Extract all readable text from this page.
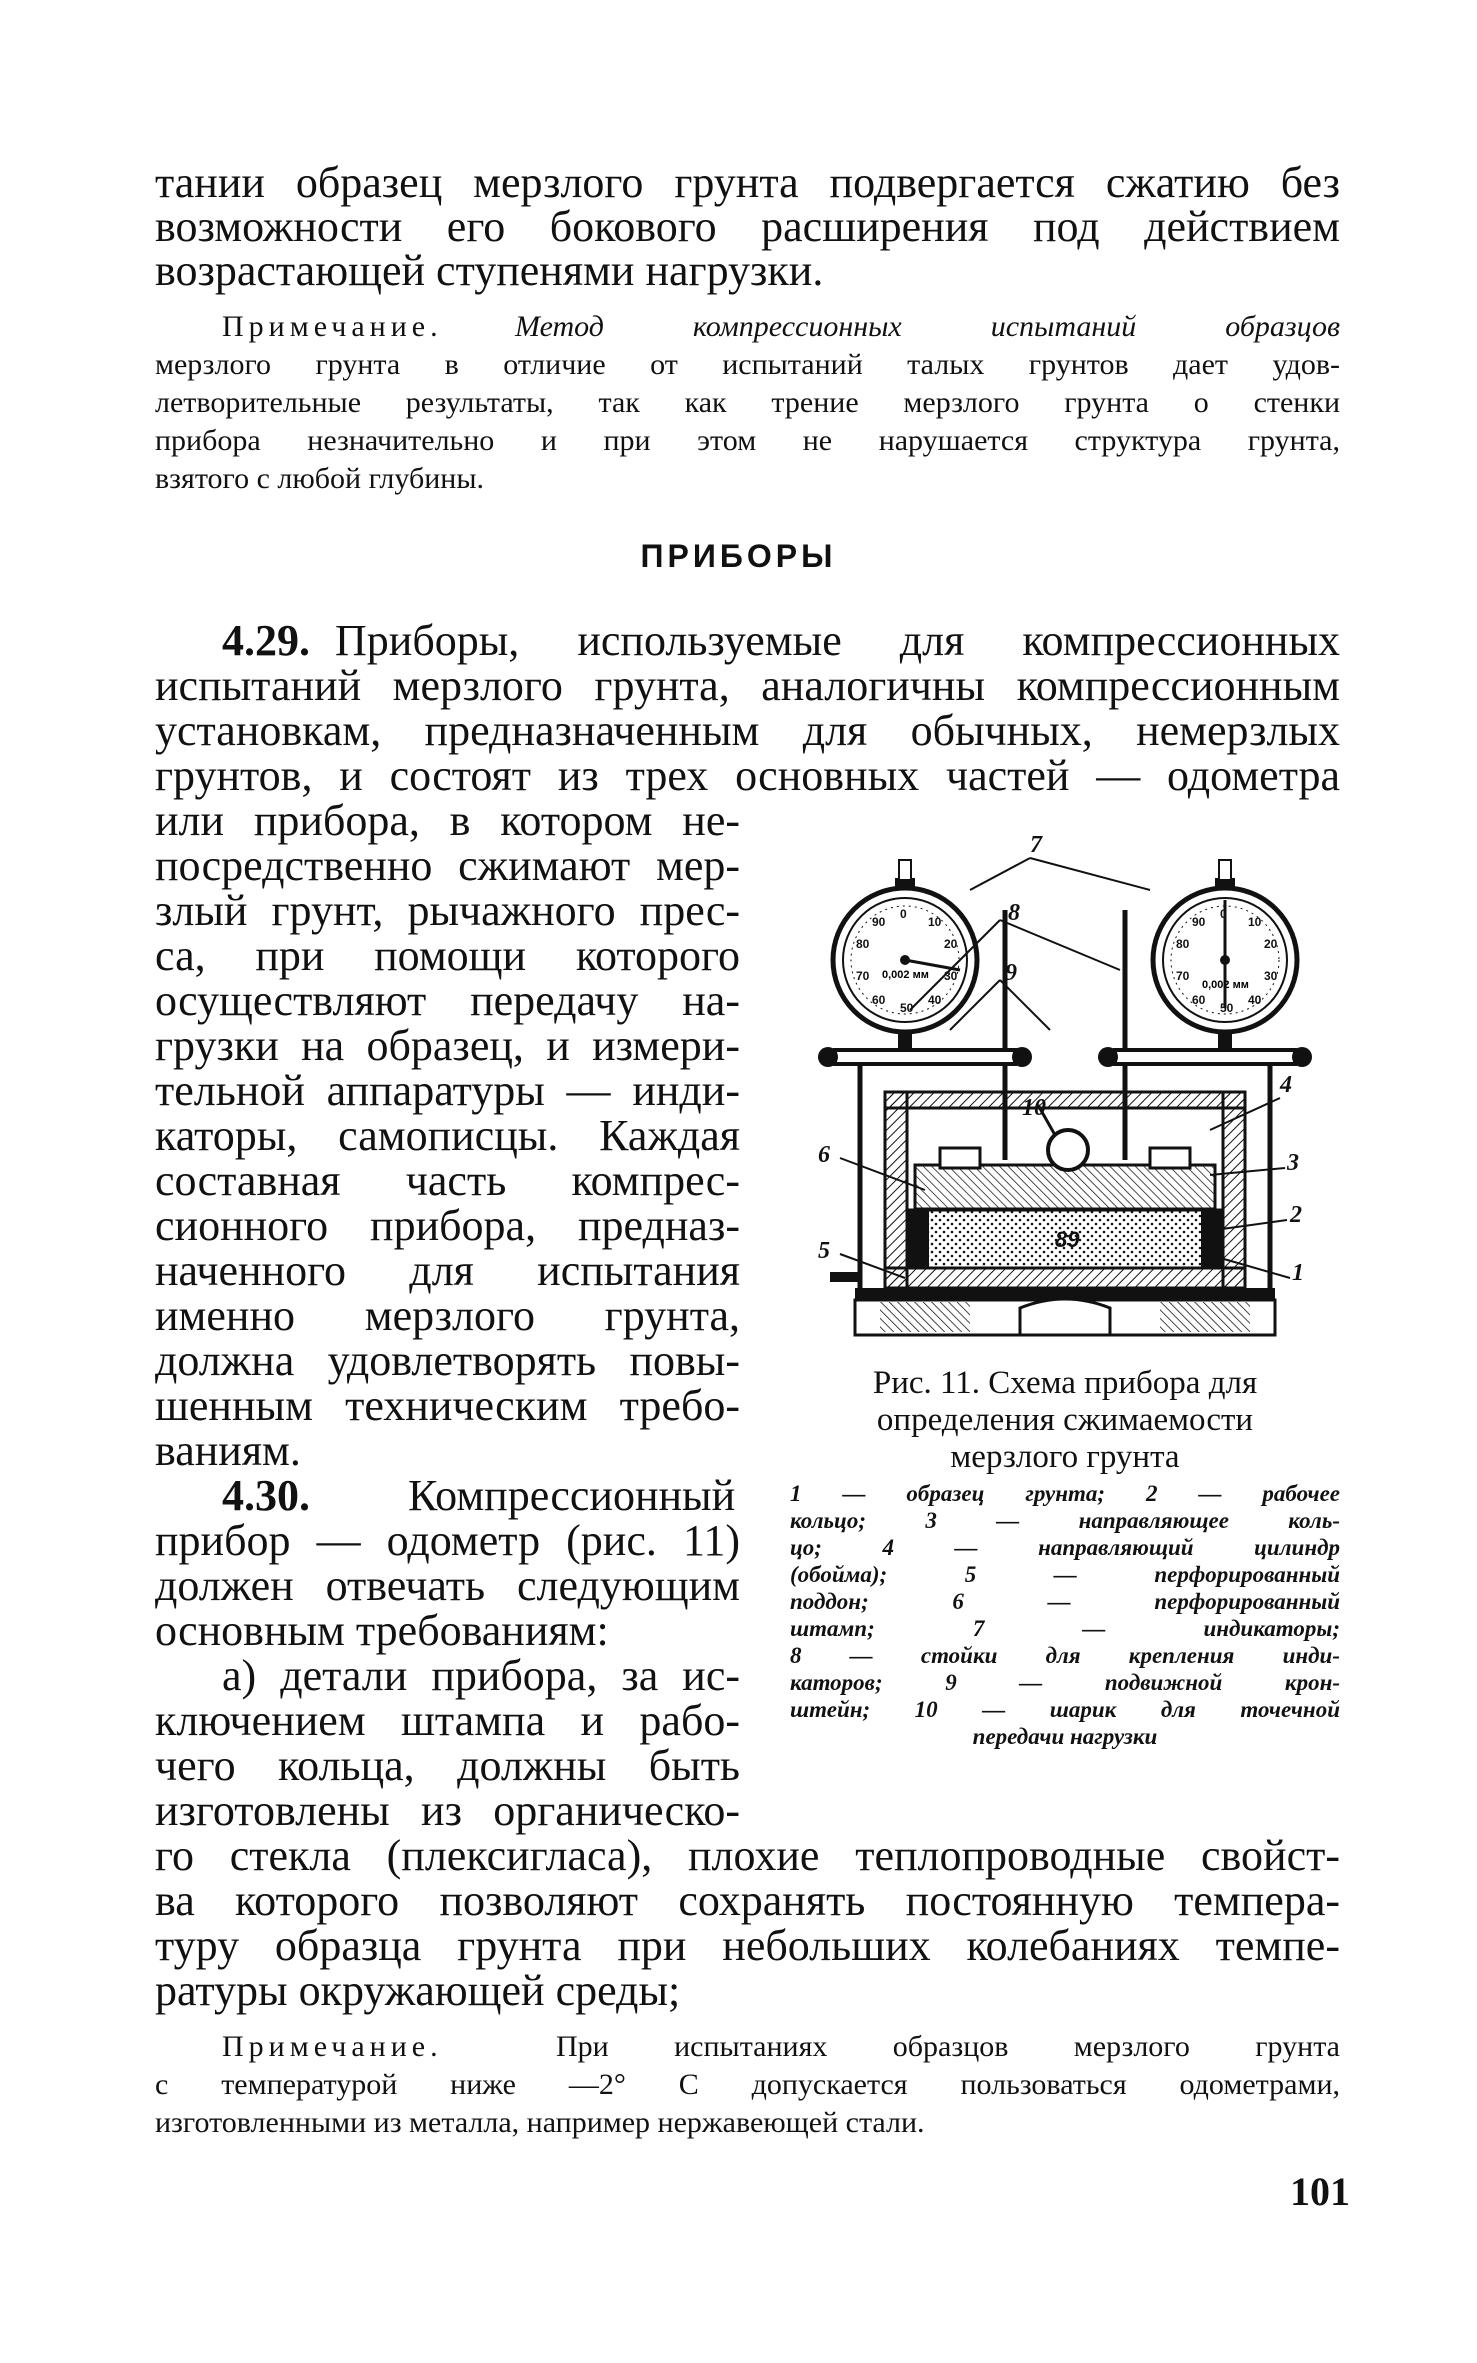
тании образец мерзлого грунта подвергается сжатию без
возможности его бокового расширения под действием
возрастающей ступенями нагрузки.
Примечание. Метод компрессионных испытаний образцов
мерзлого грунта в отличие от испытаний талых грунтов дает удов-
летворительные результаты, так как трение мерзлого грунта о стенки
прибора незначительно и при этом не нарушается структура грунта,
взятого с любой глубины.
ПРИБОРЫ
4.29. Приборы, используемые для компрессионных
испытаний мерзлого грунта, аналогичны компрессионным
установкам, предназначенным для обычных, немерзлых
грунтов, и состоят из трех основных частей — одометра
или прибора, в котором не-
посредственно сжимают мер-
злый грунт, рычажного прес-
са, при помощи которого
осуществляют передачу на-
грузки на образец, и измери-
тельной аппаратуры — инди-
каторы, самописцы. Каждая
составная часть компрес-
сионного прибора, предназ-
наченного для испытания
именно мерзлого грунта,
должна удовлетворять повы-
шенным техническим требо-
ваниям.
4.30. Компрессионный
прибор — одометр (рис. 11)
должен отвечать следующим
основным требованиям:
а) детали прибора, за ис-
ключением штампа и рабо-
чего кольца, должны быть
изготовлены из органическо-
го стекла (плексигласа), плохие теплопроводные свойст-
ва которого позволяют сохранять постоянную темпера-
туру образца грунта при небольших колебаниях темпе-
ратуры окружающей среды;
Примечание.	При испытаниях образцов мерзлого грунта
с температурой ниже —2° С допускается пользоваться одометрами,
изготовленными из металла, например нержавеющей стали.
101
0
10
20
30
40
50
60
70
80
90
0,002 мм
0
10
20
30
40
50
60
70
80
90
0,002 мм
89
7
8
9
10
4
3
2
1
6
5
Рис. 11. Схема прибора для
определения сжимаемости
мерзлого грунта
1 — образец грунта; 2 — рабочее
кольцо; 3 — направляющее коль-
цо; 4 — направляющий цилиндр
(обойма); 5 — перфорированный
поддон; 6 — перфорированный
штамп; 7 — индикаторы;
8 — стойки для крепления инди-
каторов; 9 — подвижной крон-
штейн; 10 — шарик для точечной
передачи нагрузки
